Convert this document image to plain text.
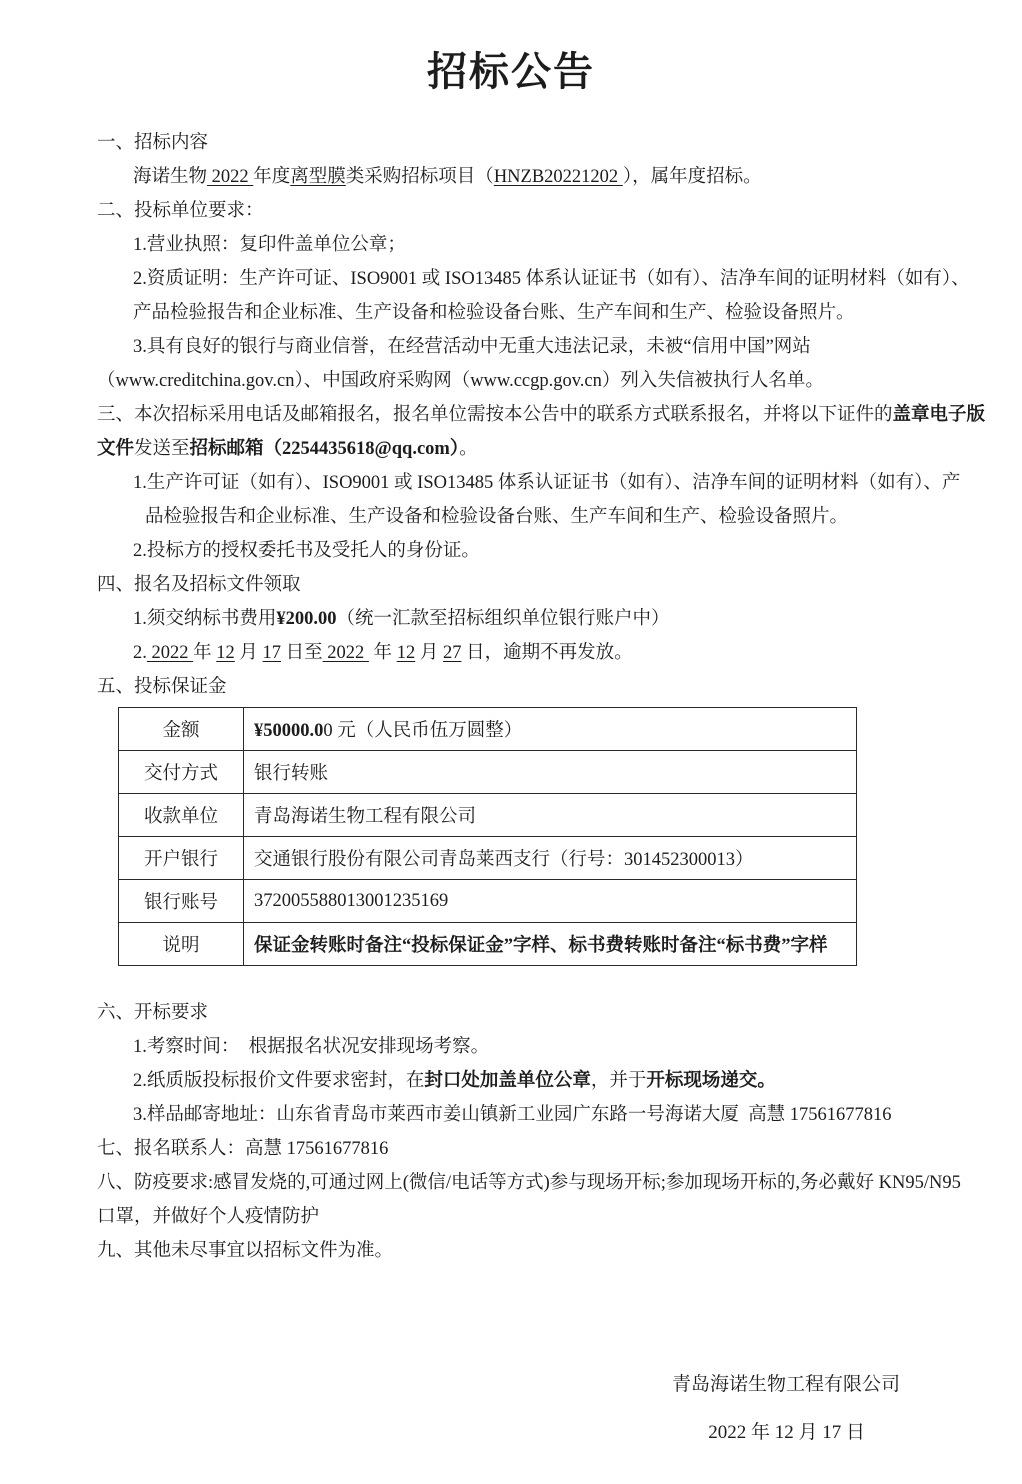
招标公告
一、招标内容
海诺生物 2022 年度离型膜类采购招标项目（HNZB20221202 ），属年度招标。
二、投标单位要求：
1.营业执照：复印件盖单位公章；
2.资质证明：生产许可证、ISO9001 或 ISO13485 体系认证证书（如有）、洁净车间的证明材料（如有）、
产品检验报告和企业标准、生产设备和检验设备台账、生产车间和生产、检验设备照片。
3.具有良好的银行与商业信誉，在经营活动中无重大违法记录，未被“信用中国”网站
（www.creditchina.gov.cn）、中国政府采购网（www.ccgp.gov.cn）列入失信被执行人名单。
三、本次招标采用电话及邮箱报名，报名单位需按本公告中的联系方式联系报名，并将以下证件的盖章电子版
文件发送至招标邮箱（2254435618@qq.com）。
1.生产许可证（如有）、ISO9001 或 ISO13485 体系认证证书（如有）、洁净车间的证明材料（如有）、产
品检验报告和企业标准、生产设备和检验设备台账、生产车间和生产、检验设备照片。
2.投标方的授权委托书及受托人的身份证。
四、报名及招标文件领取
1.须交纳标书费用¥200.00（统一汇款至招标组织单位银行账户中）
2. 2022 年 12 月 17 日至 2022  年 12 月 27 日，逾期不再发放。
五、投标保证金
金额	¥50000.00 元（人民币伍万圆整）
交付方式	银行转账
收款单位	青岛海诺生物工程有限公司
开户银行	交通银行股份有限公司青岛莱西支行（行号：301452300013）
银行账号	372005588013001235169
说明	保证金转账时备注“投标保证金”字样、标书费转账时备注“标书费”字样
六、开标要求
1.考察时间：  根据报名状况安排现场考察。
2.纸质版投标报价文件要求密封，在封口处加盖单位公章，并于开标现场递交。
3.样品邮寄地址：山东省青岛市莱西市姜山镇新工业园广东路一号海诺大厦  高慧 17561677816
七、报名联系人：高慧 17561677816
八、防疫要求:感冒发烧的,可通过网上(微信/电话等方式)参与现场开标;参加现场开标的,务必戴好 KN95/N95
口罩，并做好个人疫情防护
九、其他未尽事宜以招标文件为准。
青岛海诺生物工程有限公司
2022 年 12 月 17 日
